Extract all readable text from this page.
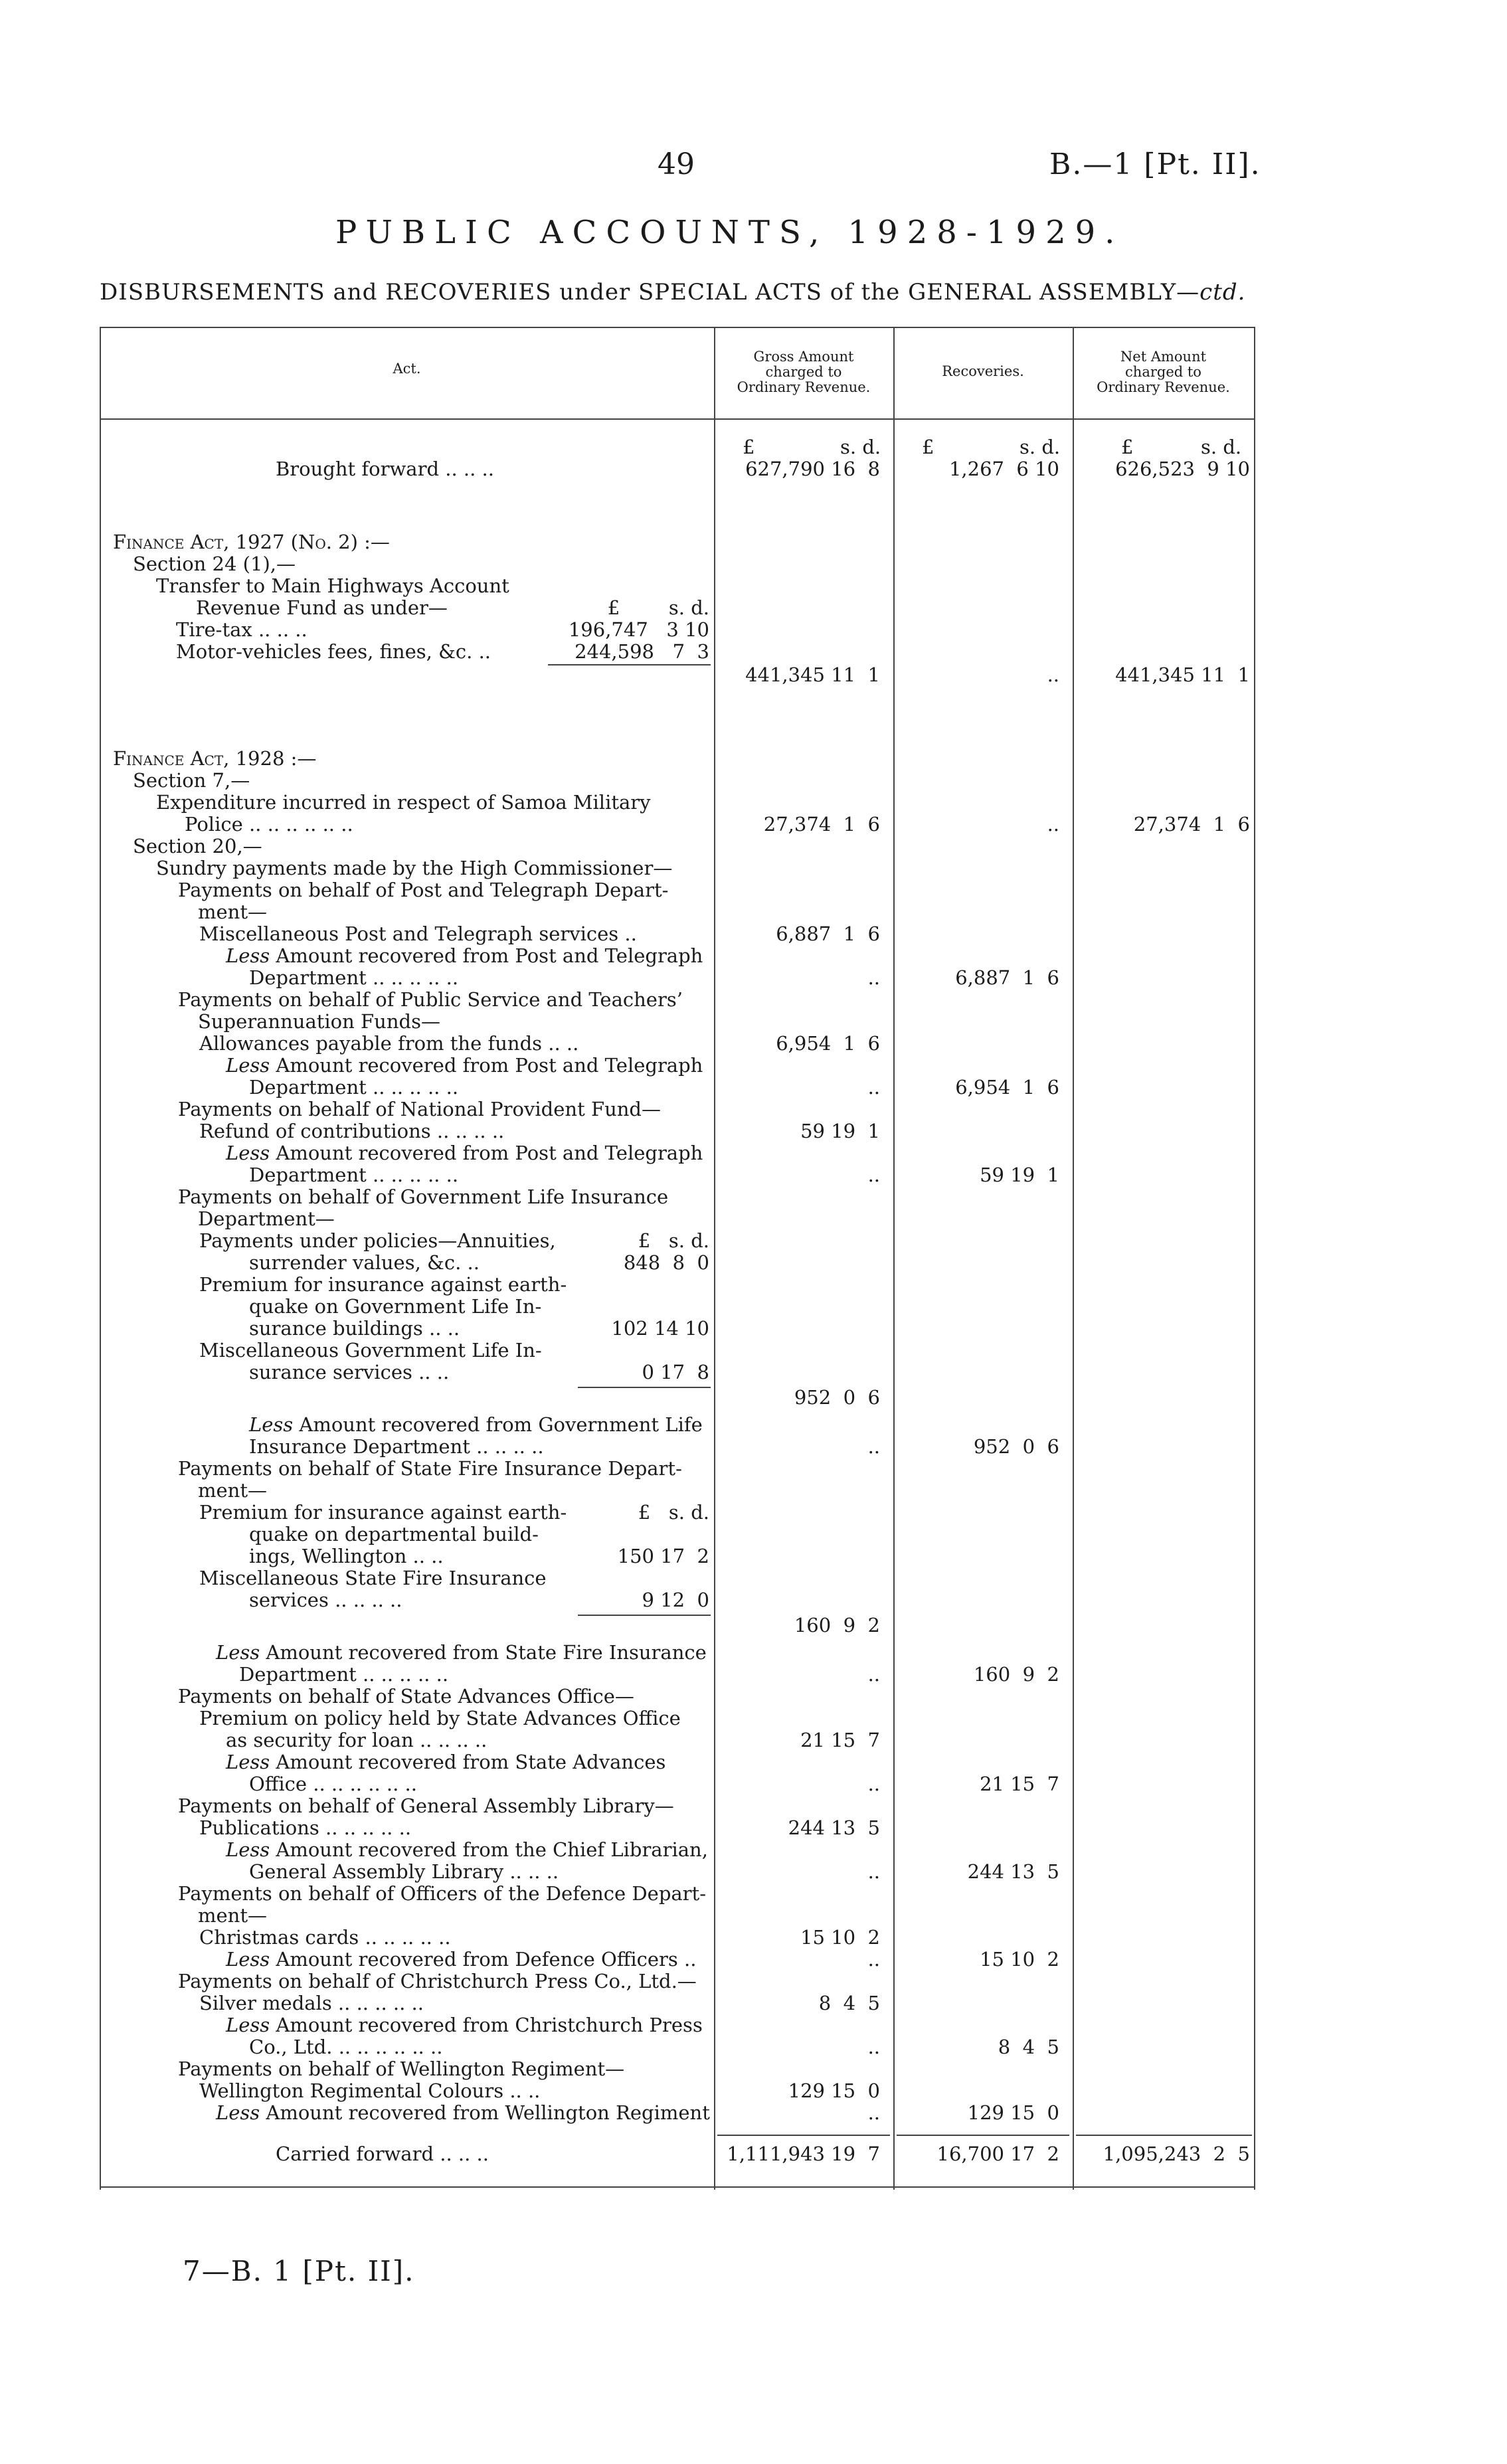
49	B.—1 [Pt. II].
PUBLIC ACCOUNTS, 1928-1929.
DISBURSEMENTS and RECOVERIES under SPECIAL ACTS of the GENERAL ASSEMBLY—ctd.
Act.
Gross Amount
charged to
Ordinary Revenue.
Recoveries.
Net Amount
charged to
Ordinary Revenue.
£	s. d. £	s. d.	£	s. d.
Brought forward .. .. ..	627,790 16  8	1,267  6 10	626,523  9 10
Finance Act, 1927 (No. 2) :—
Section 24 (1),—
Transfer to Main Highways Account
Revenue Fund as under—	£        s. d.
Tire-tax .. .. ..	196,747   3 10
Motor-vehicles fees, fines, &c. ..	244,598   7  3
441,345 11  1	..	441,345 11  1
Finance Act, 1928 :—
Section 7,—
Expenditure incurred in respect of Samoa Military
Police .. .. .. .. .. ..	27,374  1  6	..	27,374  1  6
Section 20,—
Sundry payments made by the High Commissioner—
Payments on behalf of Post and Telegraph Depart-
ment—
Miscellaneous Post and Telegraph services ..	6,887  1  6
Less Amount recovered from Post and Telegraph
Department .. .. .. .. ..	..	6,887  1  6
Payments on behalf of Public Service and Teachers’
Superannuation Funds—
Allowances payable from the funds .. ..	6,954  1  6
Less Amount recovered from Post and Telegraph
Department .. .. .. .. ..	..	6,954  1  6
Payments on behalf of National Provident Fund—
Refund of contributions .. .. .. ..	59 19  1
Less Amount recovered from Post and Telegraph
Department .. .. .. .. ..	..	59 19  1
Payments on behalf of Government Life Insurance
Department—
Payments under policies—Annuities,	£   s. d.
surrender values, &c. ..	848  8  0
Premium for insurance against earth-
quake on Government Life In-
surance buildings .. ..	102 14 10
Miscellaneous Government Life In-
surance services .. ..	0 17  8
952  0  6
Less Amount recovered from Government Life
Insurance Department .. .. .. ..	..	952  0  6
Payments on behalf of State Fire Insurance Depart-
ment—
Premium for insurance against earth-	£   s. d.
quake on departmental build-
ings, Wellington .. ..	150 17  2
Miscellaneous State Fire Insurance
services .. .. .. ..	9 12  0
160  9  2
Less Amount recovered from State Fire Insurance
Department .. .. .. .. ..	..	160  9  2
Payments on behalf of State Advances Office—
Premium on policy held by State Advances Office
as security for loan .. .. .. ..	21 15  7
Less Amount recovered from State Advances
Office .. .. .. .. .. ..	..	21 15  7
Payments on behalf of General Assembly Library—
Publications .. .. .. .. ..	244 13  5
Less Amount recovered from the Chief Librarian,
General Assembly Library .. .. ..	..	244 13  5
Payments on behalf of Officers of the Defence Depart-
ment—
Christmas cards .. .. .. .. ..	15 10  2
Less Amount recovered from Defence Officers ..	..	15 10  2
Payments on behalf of Christchurch Press Co., Ltd.—
Silver medals .. .. .. .. ..	8  4  5
Less Amount recovered from Christchurch Press
Co., Ltd. .. .. .. .. .. ..	..	8  4  5
Payments on behalf of Wellington Regiment—
Wellington Regimental Colours .. ..	129 15  0
Less Amount recovered from Wellington Regiment	..	129 15  0
Carried forward .. .. ..	1,111,943 19  7	16,700 17  2	1,095,243  2  5
7—B. 1 [Pt. II].
